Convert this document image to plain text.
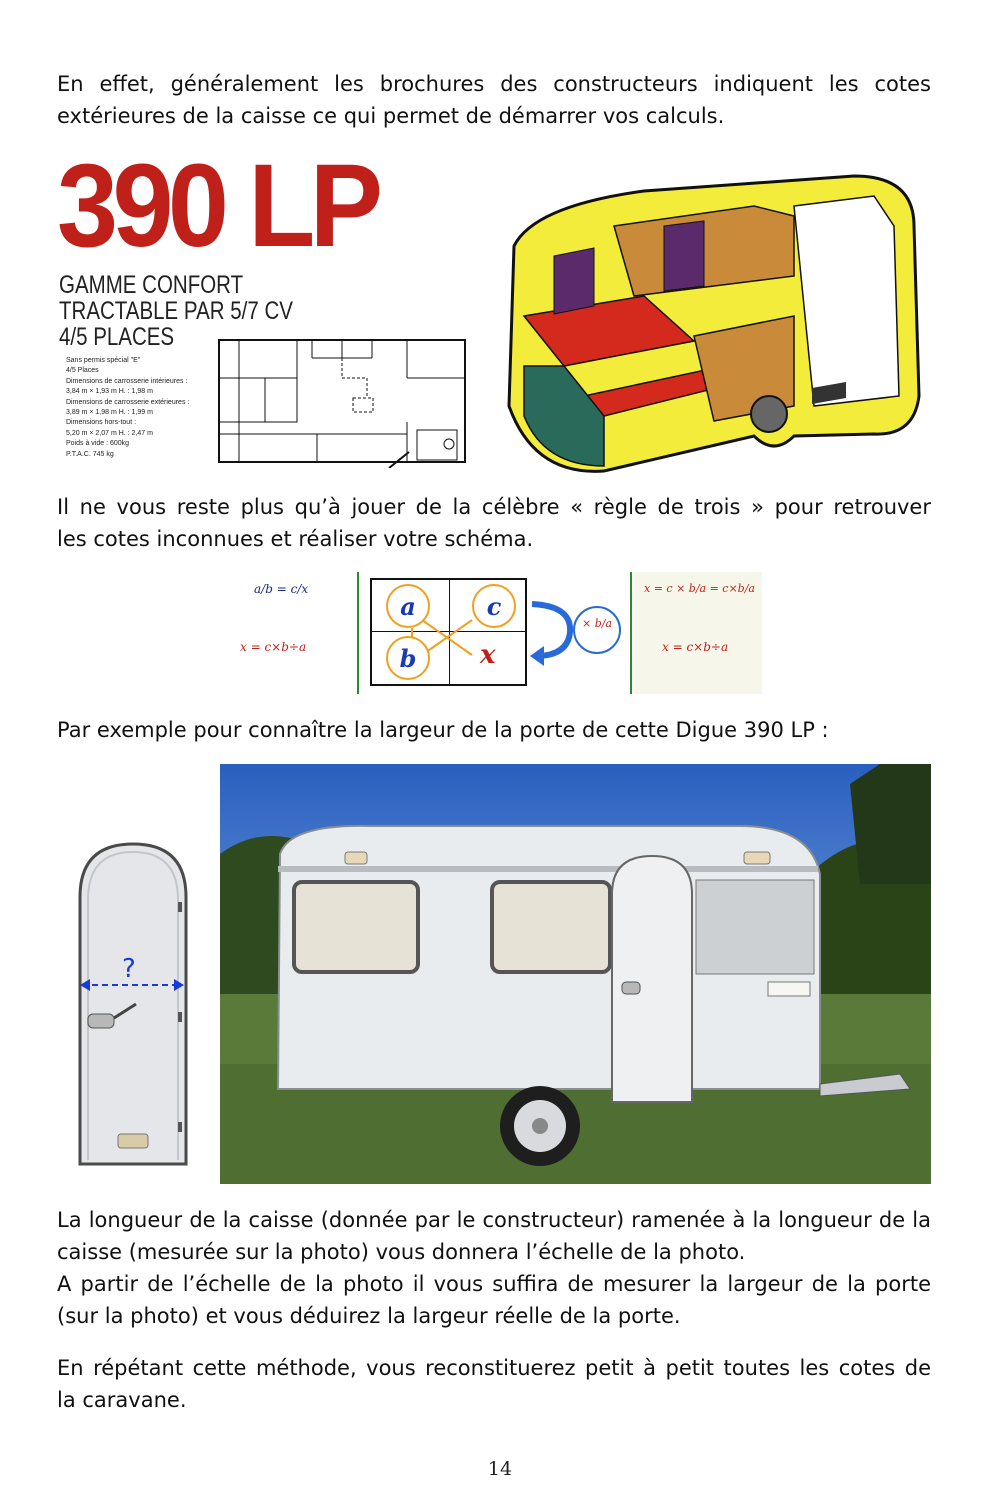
En effet, généralement les brochures des constructeurs indiquent les cotes
extérieures de la caisse ce qui permet de démarrer vos calculs.
390 LP
GAMME CONFORT
TRACTABLE PAR 5/7 CV
4/5 PLACES
Sans permis spécial "E"
4/5 Places
Dimensions de carrosserie intérieures :
3,84 m × 1,93 m H. : 1,98 m
Dimensions de carrosserie extérieures :
3,89 m × 1,98 m H. : 1,99 m
Dimensions hors-tout :
5,20 m × 2,07 m H. : 2,47 m
Poids à vide : 600kg
P.T.A.C. 745 kg
Il ne vous reste plus qu’à jouer de la célèbre « règle de trois » pour retrouver
les cotes inconnues et réaliser votre schéma.
a/b = c/x
x = c×b÷a
a	c
b	x
× b/a
x = c × b/a = c×b/a
x = c×b÷a
Par exemple pour connaître la largeur de la porte de cette Digue 390 LP :
?
La longueur de la caisse (donnée par le constructeur) ramenée à la longueur de la
caisse (mesurée sur la photo) vous donnera l’échelle de la photo.
A partir de l’échelle de la photo il vous suffira de mesurer la largeur de la porte
(sur la photo) et vous déduirez la largeur réelle de la porte.
En répétant cette méthode, vous reconstituerez petit à petit toutes les cotes de
la caravane.
14
